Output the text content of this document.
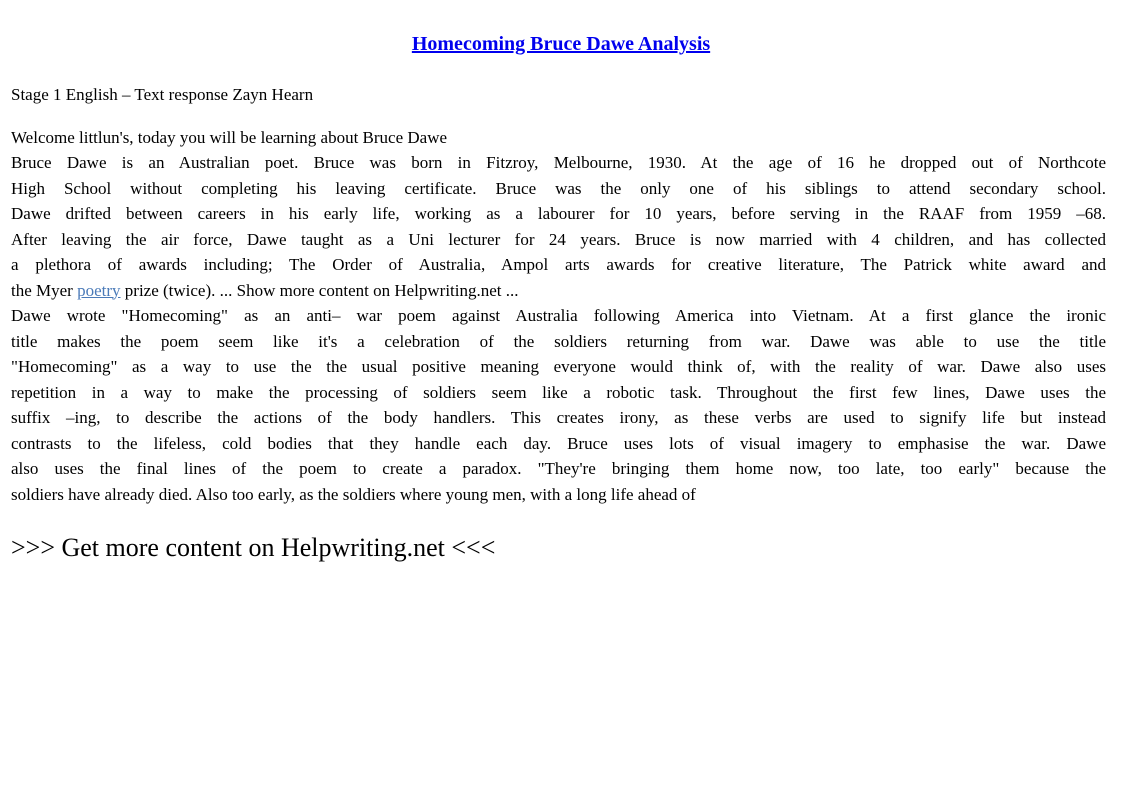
Homecoming Bruce Dawe Analysis
Stage 1 English – Text response Zayn Hearn
Welcome littlun's, today you will be learning about Bruce Dawe
Bruce Dawe is an Australian poet. Bruce was born in Fitzroy, Melbourne, 1930. At the age of 16 he dropped out of Northcote
High School without completing his leaving certificate. Bruce was the only one of his siblings to attend secondary school.
Dawe drifted between careers in his early life, working as a labourer for 10 years, before serving in the RAAF from 1959 –68.
After leaving the air force, Dawe taught as a Uni lecturer for 24 years. Bruce is now married with 4 children, and has collected
a plethora of awards including; The Order of Australia, Ampol arts awards for creative literature, The Patrick white award and
the Myer poetry prize (twice). ... Show more content on Helpwriting.net ...
Dawe wrote "Homecoming" as an anti– war poem against Australia following America into Vietnam. At a first glance the ironic
title makes the poem seem like it's a celebration of the soldiers returning from war. Dawe was able to use the title
"Homecoming" as a way to use the the usual positive meaning everyone would think of, with the reality of war. Dawe also uses
repetition in a way to make the processing of soldiers seem like a robotic task. Throughout the first few lines, Dawe uses the
suffix –ing, to describe the actions of the body handlers. This creates irony, as these verbs are used to signify life but instead
contrasts to the lifeless, cold bodies that they handle each day. Bruce uses lots of visual imagery to emphasise the war. Dawe
also uses the final lines of the poem to create a paradox. "They're bringing them home now, too late, too early" because the
soldiers have already died. Also too early, as the soldiers where young men, with a long life ahead of
>>> Get more content on Helpwriting.net <<<
